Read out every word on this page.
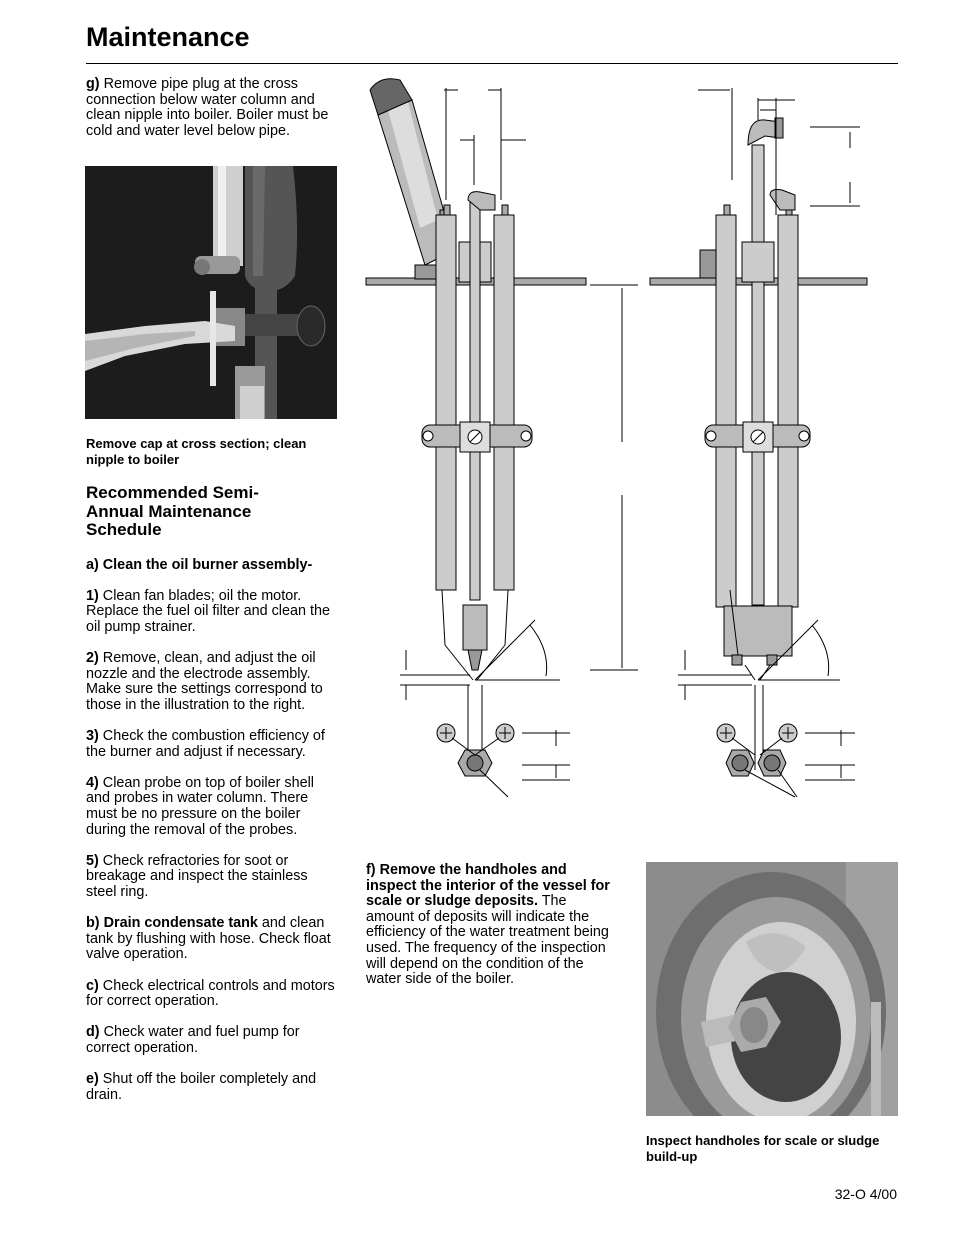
Maintenance

g) Remove pipe plug at the cross connection below water column and clean nipple into boiler. Boiler must be cold and water level below pipe.

Remove cap at cross section; clean nipple to boiler
Recommended Semi-Annual Maintenance Schedule

a) Clean the oil burner assembly-

1) Clean fan blades; oil the motor. Replace the fuel oil filter and clean the oil pump strainer.

2) Remove, clean, and adjust the oil nozzle and the electrode assembly. Make sure the settings correspond to those in the illustration to the right.

3) Check the combustion efficiency of the burner and adjust if necessary.

4) Clean probe on top of boiler shell and probes in water column. There must be no pressure on the boiler during the removal of the probes.

5) Check refractories for soot or breakage and inspect the stainless steel ring.

b) Drain condensate tank and clean tank by flushing with hose. Check float valve operation.

c) Check electrical controls and motors for correct operation.

d) Check water and fuel pump for correct operation.

e) Shut off the boiler completely and drain.

f) Remove the handholes and inspect the interior of the vessel for scale or sludge deposits. The amount of deposits will indicate the efficiency of the water treatment being used. The frequency of the inspection will depend on the condition of the water side of the boiler.

Inspect handholes for scale or sludge build-up
32-O 4/00
